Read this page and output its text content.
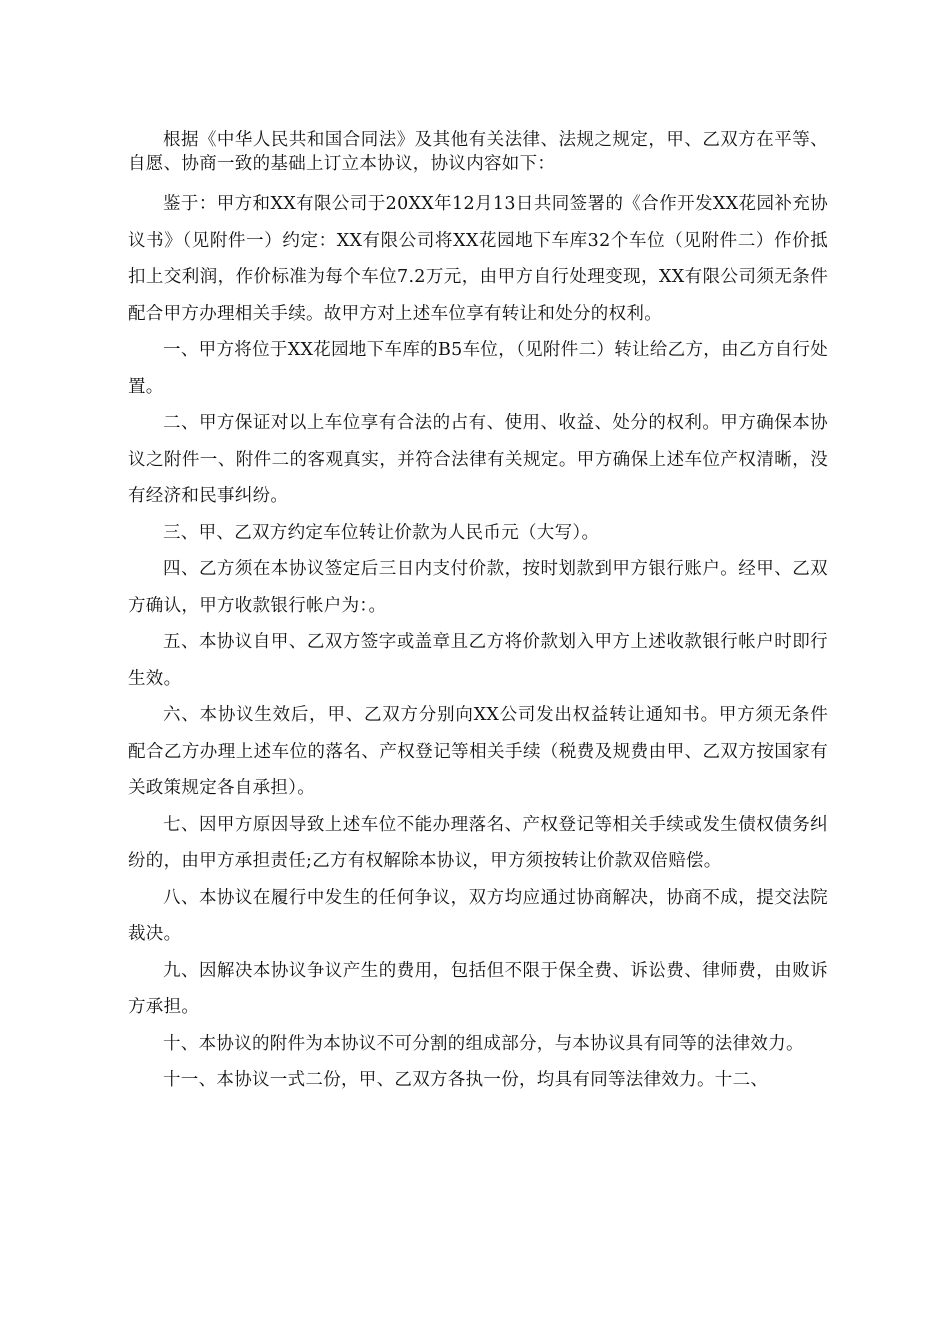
根据《中华人民共和国合同法》及其他有关法律、法规之规定，甲、乙双方在平等、自愿、协商一致的基础上订立本协议，协议内容如下：

鉴于：甲方和XX有限公司于20XX年12月13日共同签署的《合作开发XX花园补充协议书》（见附件一）约定：XX有限公司将XX花园地下车库32个车位（见附件二）作价抵扣上交利润，作价标准为每个车位7.2万元，由甲方自行处理变现，XX有限公司须无条件配合甲方办理相关手续。故甲方对上述车位享有转让和处分的权利。

一、甲方将位于XX花园地下车库的B5车位，（见附件二）转让给乙方，由乙方自行处置。

二、甲方保证对以上车位享有合法的占有、使用、收益、处分的权利。甲方确保本协议之附件一、附件二的客观真实，并符合法律有关规定。甲方确保上述车位产权清晰，没有经济和民事纠纷。

三、甲、乙双方约定车位转让价款为人民币元（大写）。

四、乙方须在本协议签定后三日内支付价款，按时划款到甲方银行账户。经甲、乙双方确认，甲方收款银行帐户为：。

五、本协议自甲、乙双方签字或盖章且乙方将价款划入甲方上述收款银行帐户时即行生效。

六、本协议生效后，甲、乙双方分别向XX公司发出权益转让通知书。甲方须无条件配合乙方办理上述车位的落名、产权登记等相关手续（税费及规费由甲、乙双方按国家有关政策规定各自承担）。

七、因甲方原因导致上述车位不能办理落名、产权登记等相关手续或发生债权债务纠纷的，由甲方承担责任;乙方有权解除本协议，甲方须按转让价款双倍赔偿。

八、本协议在履行中发生的任何争议，双方均应通过协商解决，协商不成，提交法院裁决。

九、因解决本协议争议产生的费用，包括但不限于保全费、诉讼费、律师费，由败诉方承担。

十、本协议的附件为本协议不可分割的组成部分，与本协议具有同等的法律效力。

十一、本协议一式二份，甲、乙双方各执一份，均具有同等法律效力。十二、
